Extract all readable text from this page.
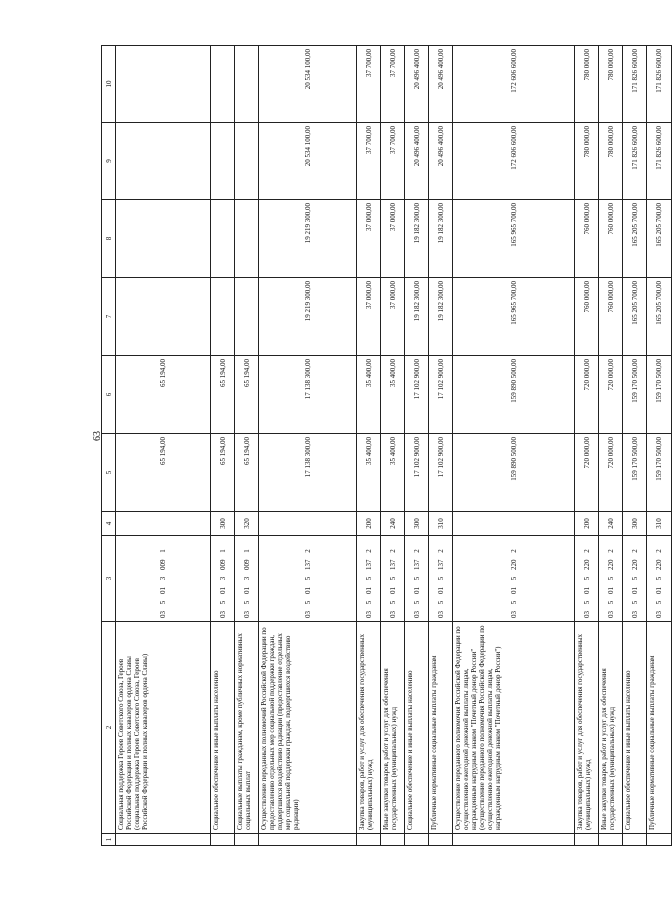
63
1	2	3	4	5	6	7	8	9	10
	Социальная поддержка Героев Советского Союза, Героев Российской Федерации и полных кавалеров ордена Славы (социальная поддержка Героев Советского Союза, Героев Российской Федерации и полных кавалеров ордена Славы)	03 5 01 3 009 1		65 194,00	65 194,00				
	Социальное обеспечение и иные выплаты населению	03 5 01 3 009 1	300	65 194,00	65 194,00				
	Социальные выплаты гражданам, кроме публичных нормативных социальных выплат	03 5 01 3 009 1	320	65 194,00	65 194,00				
	Осуществление переданных полномочий Российской Федерации по предоставлению отдельных мер социальной поддержки граждан, подвергшихся воздействию радиации (предоставление отдельных мер социальной поддержки граждан, подвергшихся воздействию радиации)	03 5 01 5 137 2		17 138 300,00	17 138 300,00	19 219 300,00	19 219 300,00	20 534 100,00	20 534 100,00
	Закупка товаров, работ и услуг для обеспечения государственных (муниципальных) нужд	03 5 01 5 137 2	200	35 400,00	35 400,00	37 000,00	37 000,00	37 700,00	37 700,00
	Иные закупки товаров, работ и услуг для обеспечения государственных (муниципальных) нужд	03 5 01 5 137 2	240	35 400,00	35 400,00	37 000,00	37 000,00	37 700,00	37 700,00
	Социальное обеспечение и иные выплаты населению	03 5 01 5 137 2	300	17 102 900,00	17 102 900,00	19 182 300,00	19 182 300,00	20 496 400,00	20 496 400,00
	Публичные нормативные социальные выплаты гражданам	03 5 01 5 137 2	310	17 102 900,00	17 102 900,00	19 182 300,00	19 182 300,00	20 496 400,00	20 496 400,00
	Осуществление переданного полномочия Российской Федерации по осуществлению ежегодной денежной выплаты лицам, награжденным нагрудным знаком "Почетный донор России" (осуществление переданного полномочия Российской Федерации по осуществлению ежегодной денежной выплаты лицам, награжденным нагрудным знаком "Почетный донор России")	03 5 01 5 220 2		159 890 500,00	159 890 500,00	165 965 700,00	165 965 700,00	172 606 600,00	172 606 600,00
	Закупка товаров, работ и услуг для обеспечения государственных (муниципальных) нужд	03 5 01 5 220 2	200	720 000,00	720 000,00	760 000,00	760 000,00	780 000,00	780 000,00
	Иные закупки товаров, работ и услуг для обеспечения государственных (муниципальных) нужд	03 5 01 5 220 2	240	720 000,00	720 000,00	760 000,00	760 000,00	780 000,00	780 000,00
	Социальное обеспечение и иные выплаты населению	03 5 01 5 220 2	300	159 170 500,00	159 170 500,00	165 205 700,00	165 205 700,00	171 826 600,00	171 826 600,00
	Публичные нормативные социальные выплаты гражданам	03 5 01 5 220 2	310	159 170 500,00	159 170 500,00	165 205 700,00	165 205 700,00	171 826 600,00	171 826 600,00
